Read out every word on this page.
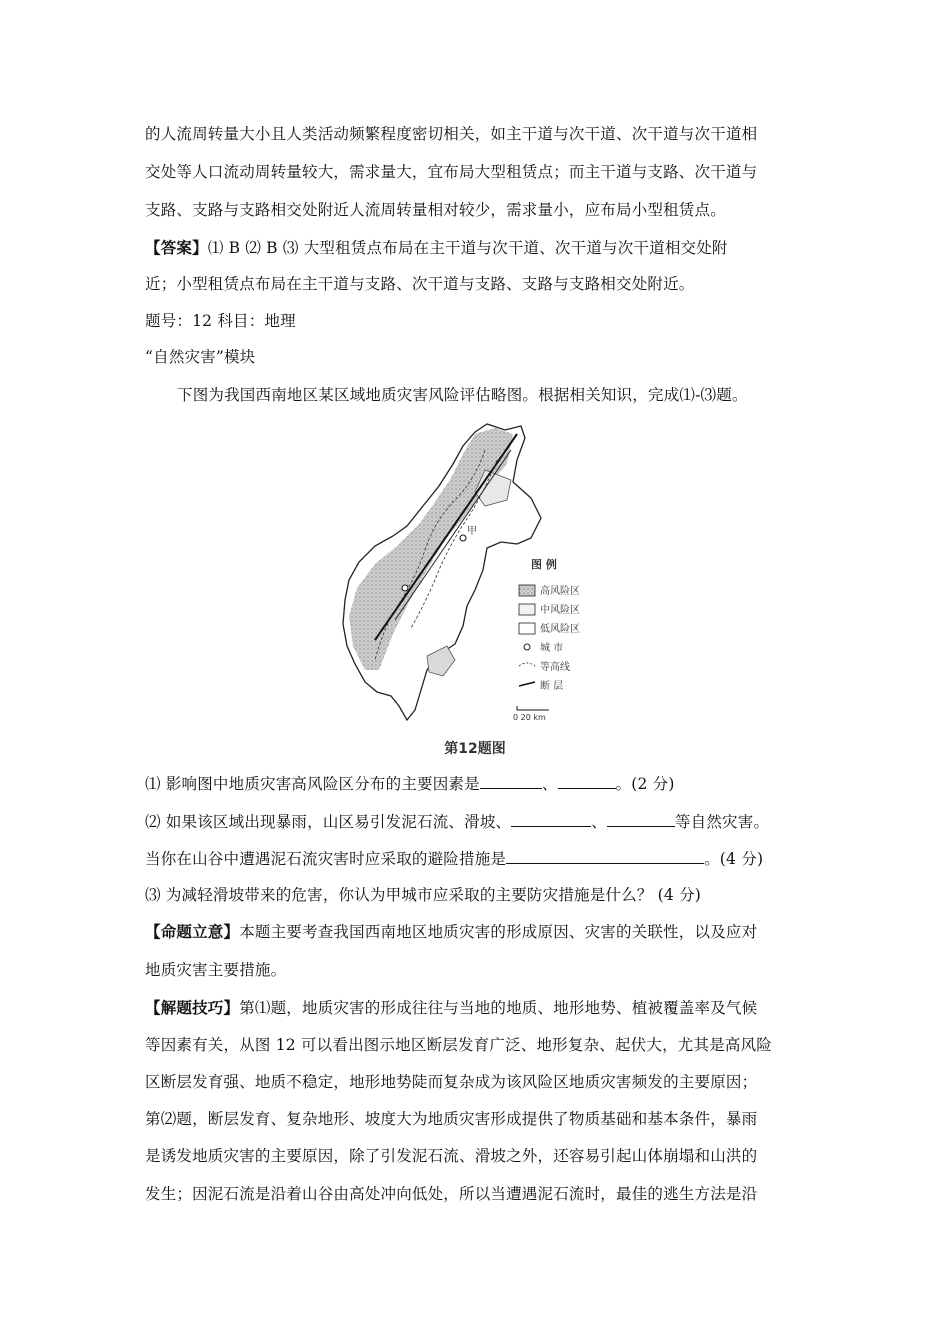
的人流周转量大小且人类活动频繁程度密切相关，如主干道与次干道、次干道与次干道相
交处等人口流动周转量较大，需求量大，宜布局大型租赁点；而主干道与支路、次干道与
支路、支路与支路相交处附近人流周转量相对较少，需求量小，应布局小型租赁点。
【答案】⑴ B ⑵ B ⑶ 大型租赁点布局在主干道与次干道、次干道与次干道相交处附
近；小型租赁点布局在主干道与支路、次干道与支路、支路与支路相交处附近。
题号：12 科目：地理
“自然灾害”模块
下图为我国西南地区某区域地质灾害风险评估略图。根据相关知识，完成⑴-⑶题。
甲
图 例
高风险区
中风险区
低风险区
城 市
等高线
断 层
0 20 km
第12题图
⑴ 影响图中地质灾害高风险区分布的主要因素是	、	。(2 分)
⑵ 如果该区域出现暴雨，山区易引发泥石流、滑坡、	、	等自然灾害。
当你在山谷中遭遇泥石流灾害时应采取的避险措施是	。(4 分)
⑶ 为减轻滑坡带来的危害，你认为甲城市应采取的主要防灾措施是什么？ (4 分)
【命题立意】本题主要考查我国西南地区地质灾害的形成原因、灾害的关联性，以及应对
地质灾害主要措施。
【解题技巧】第⑴题，地质灾害的形成往往与当地的地质、地形地势、植被覆盖率及气候
等因素有关，从图 12 可以看出图示地区断层发育广泛、地形复杂、起伏大，尤其是高风险
区断层发育强、地质不稳定，地形地势陡而复杂成为该风险区地质灾害频发的主要原因；
第⑵题，断层发育、复杂地形、坡度大为地质灾害形成提供了物质基础和基本条件，暴雨
是诱发地质灾害的主要原因，除了引发泥石流、滑坡之外，还容易引起山体崩塌和山洪的
发生；因泥石流是沿着山谷由高处冲向低处，所以当遭遇泥石流时，最佳的逃生方法是沿
